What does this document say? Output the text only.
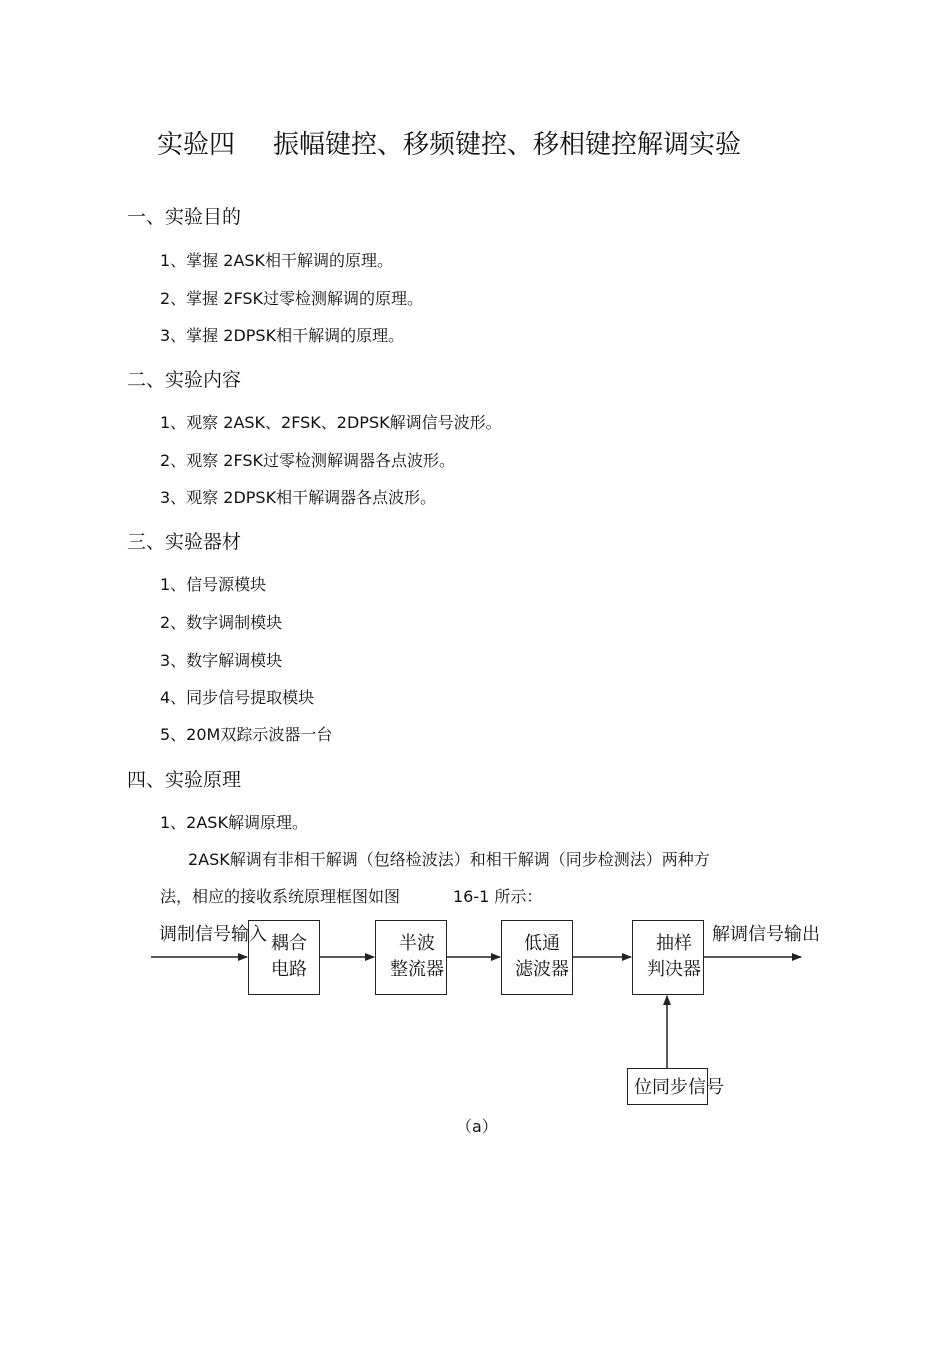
实验四 振幅键控、移频键控、移相键控解调实验
一、实验目的
1、掌握 2ASK相干解调的原理。
2、掌握 2FSK过零检测解调的原理。
3、掌握 2DPSK相干解调的原理。
二、实验内容
1、观察 2ASK、2FSK、2DPSK解调信号波形。
2、观察 2FSK过零检测解调器各点波形。
3、观察 2DPSK相干解调器各点波形。
三、实验器材
1、信号源模块
2、数字调制模块
3、数字解调模块
4、同步信号提取模块
5、20M双踪示波器一台
四、实验原理
1、2ASK解调原理。
2ASK解调有非相干解调（包络检波法）和相干解调（同步检测法）两种方
法，相应的接收系统原理框图如图	16-1 所示：
耦合
电路
半波
整流器
低通
滤波器
抽样
判决器
位同步信号
调制信号输入	解调信号输出
（a）
